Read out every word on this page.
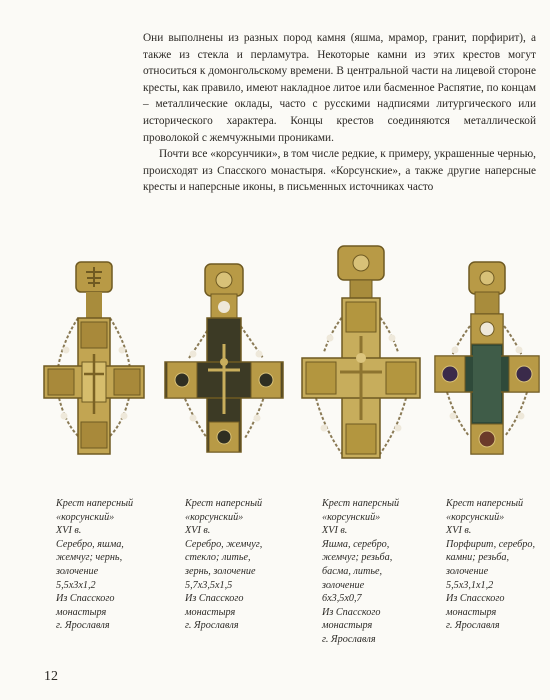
Они выполнены из разных пород камня (яшма, мрамор, гранит, порфирит), а также из стекла и перламутра. Некоторые камни из этих крестов могут относиться к домонгольскому времени. В центральной части на лицевой стороне кресты, как правило, имеют накладное литое или басменное Распятие, по концам – металлические оклады, часто с русскими надписями литургического или исторического характера. Концы крестов соединяются металлической проволокой с жемчужными прониками.

Почти все «корсунчики», в том числе редкие, к примеру, украшенные чернью, происходят из Спасского монастыря. «Корсунские», а также другие наперсные кресты и наперсные иконы, в письменных источниках часто

Крест наперсный
«корсунский»
XVI в.
Серебро, яшма,
жемчуг; чернь,
золочение
5,5x3x1,2
Из Спасского
монастыря
г. Ярославля
Крест наперсный
«корсунский»
XVI в.
Серебро, жемчуг,
стекло; литье,
зернь, золочение
5,7x3,5x1,5
Из Спасского
монастыря
г. Ярославля
Крест наперсный
«корсунский»
XVI в.
Яшма, серебро,
жемчуг; резьба,
басма, литье,
золочение
6x3,5x0,7
Из Спасского
монастыря
г. Ярославля
Крест наперсный
«корсунский»
XVI в.
Порфирит, серебро,
камни; резьба,
золочение
5,5x3,1x1,2
Из Спасского
монастыря
г. Ярославля
12
